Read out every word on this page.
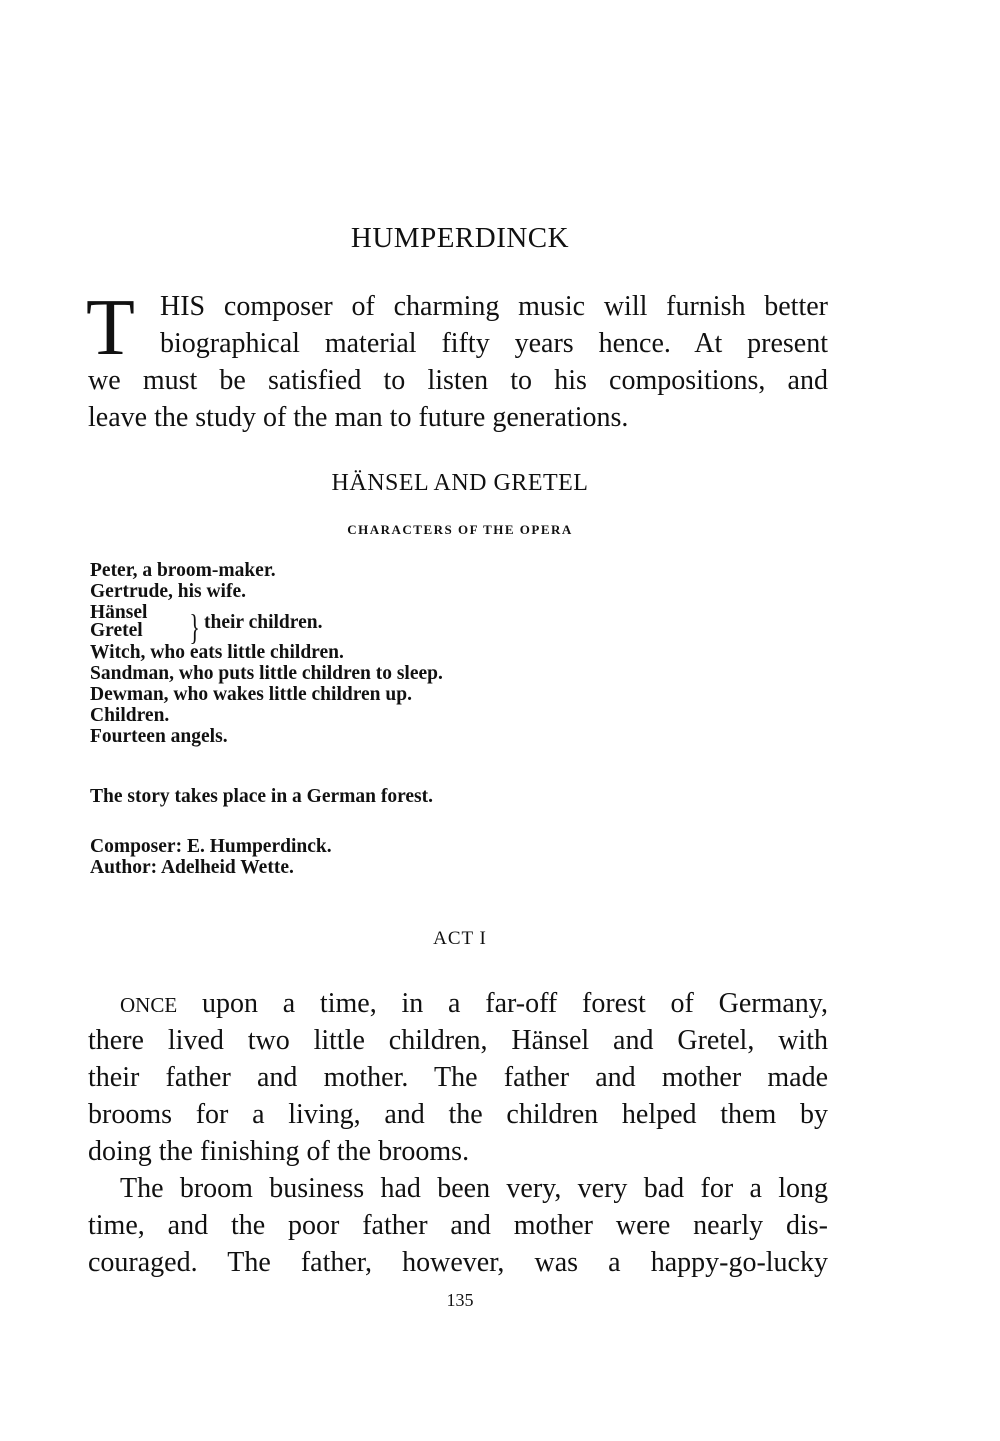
HUMPERDINCK
T HIS composer of charming music will furnish better
biographical material fifty years hence. At present
we must be satisfied to listen to his compositions, and
leave the study of the man to future generations.
HÄNSEL AND GRETEL
CHARACTERS OF THE OPERA
Peter, a broom-maker.
Gertrude, his wife.
Hänsel
Gretel } their children.
Witch, who eats little children.
Sandman, who puts little children to sleep.
Dewman, who wakes little children up.
Children.
Fourteen angels.
The story takes place in a German forest.
Composer: E. Humperdinck.
Author: Adelheid Wette.
ACT I
ONCE upon a time, in a far-off forest of Germany,
there lived two little children, Hänsel and Gretel, with
their father and mother. The father and mother made
brooms for a living, and the children helped them by
doing the finishing of the brooms.
The broom business had been very, very bad for a long
time, and the poor father and mother were nearly dis-
couraged. The father, however, was a happy-go-lucky
135
